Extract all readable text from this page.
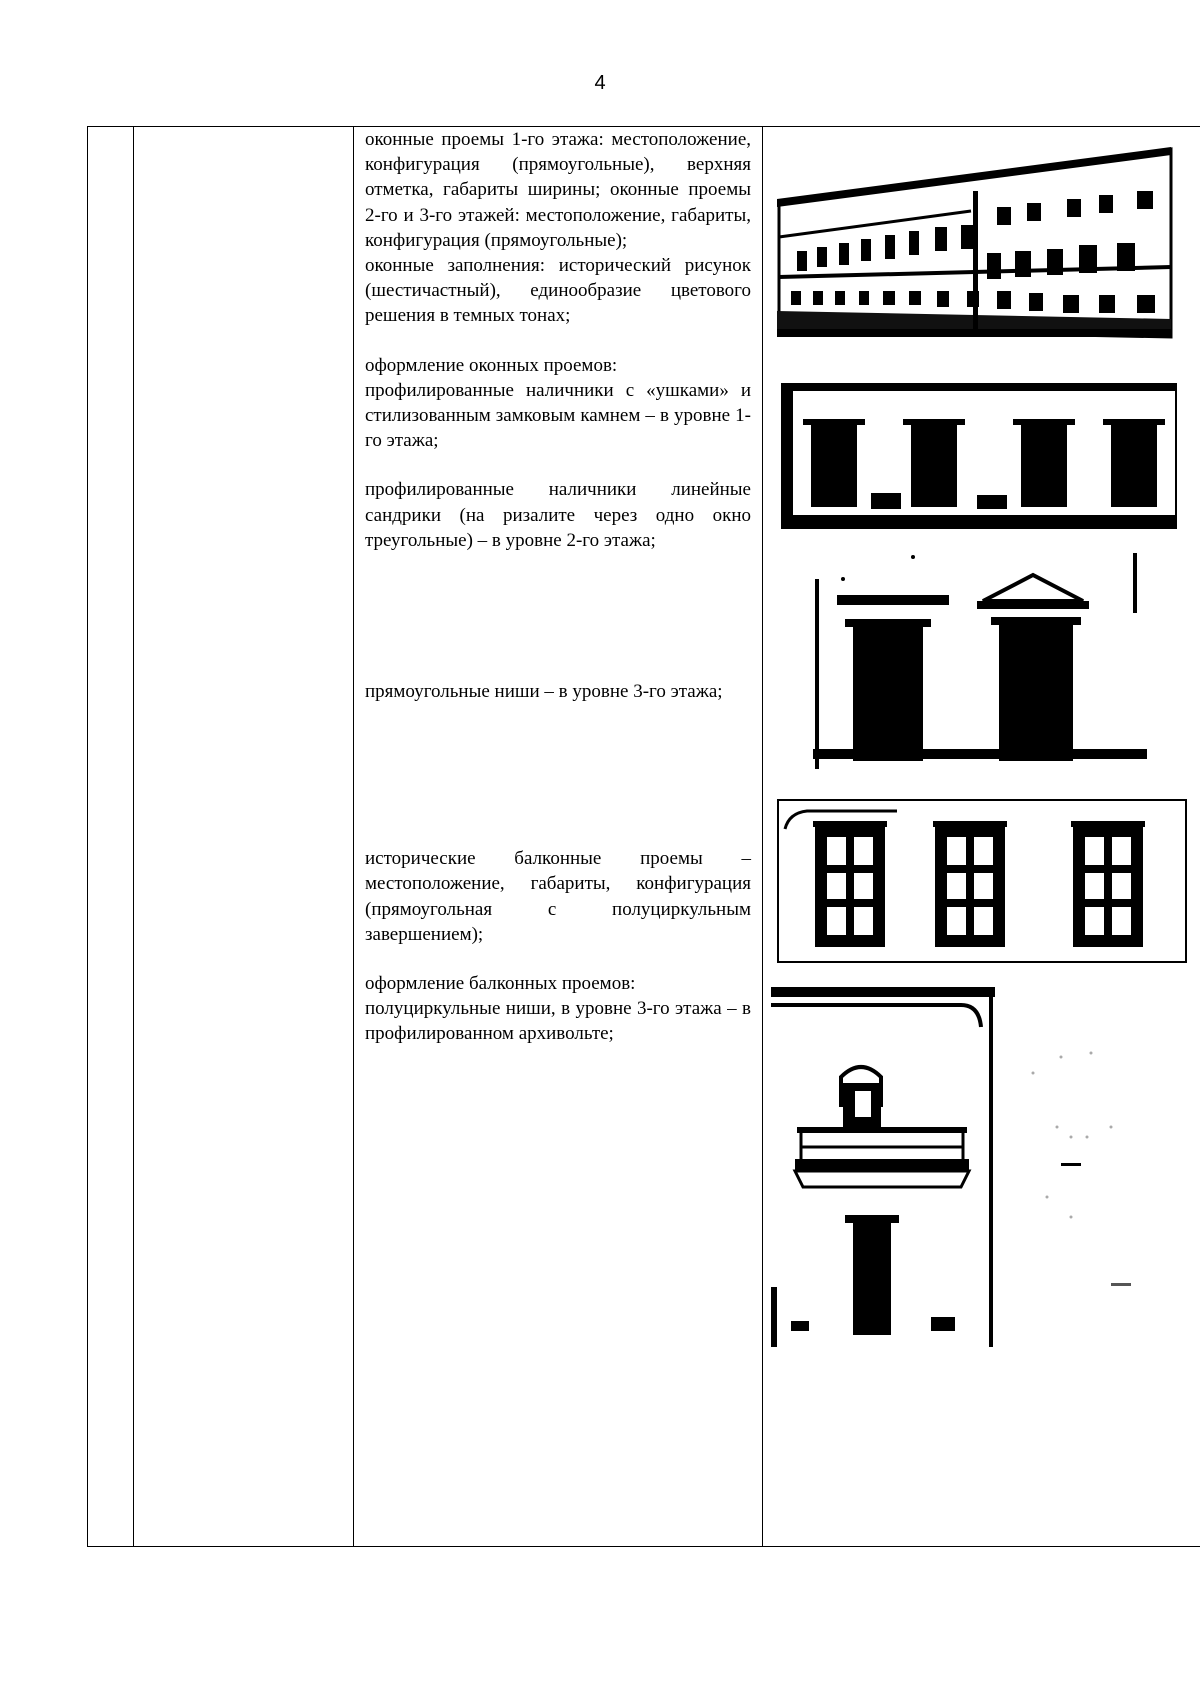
4

оконные проемы 1-го этажа: местоположение, конфигурация (прямоугольные), верхняя отметка, габариты ширины; оконные проемы 2-го и 3-го этажей: местоположение, габариты, конфигурация (прямоугольные);

оконные заполнения: исторический рисунок (шестичастный), единообразие цветового решения в темных тонах;

оформление оконных проемов:

профилированные наличники с «ушками» и стилизованным замковым камнем – в уровне 1-го этажа;

профилированные наличники линейные сандрики (на ризалите через одно окно треугольные) – в уровне 2-го этажа;

прямоугольные ниши – в уровне 3-го этажа;

исторические балконные проемы – местоположение, габариты, конфигурация (прямоугольная с полуциркульным завершением);

оформление балконных проемов:

полуциркульные ниши, в уровне 3-го этажа – в профилированном архивольте;
